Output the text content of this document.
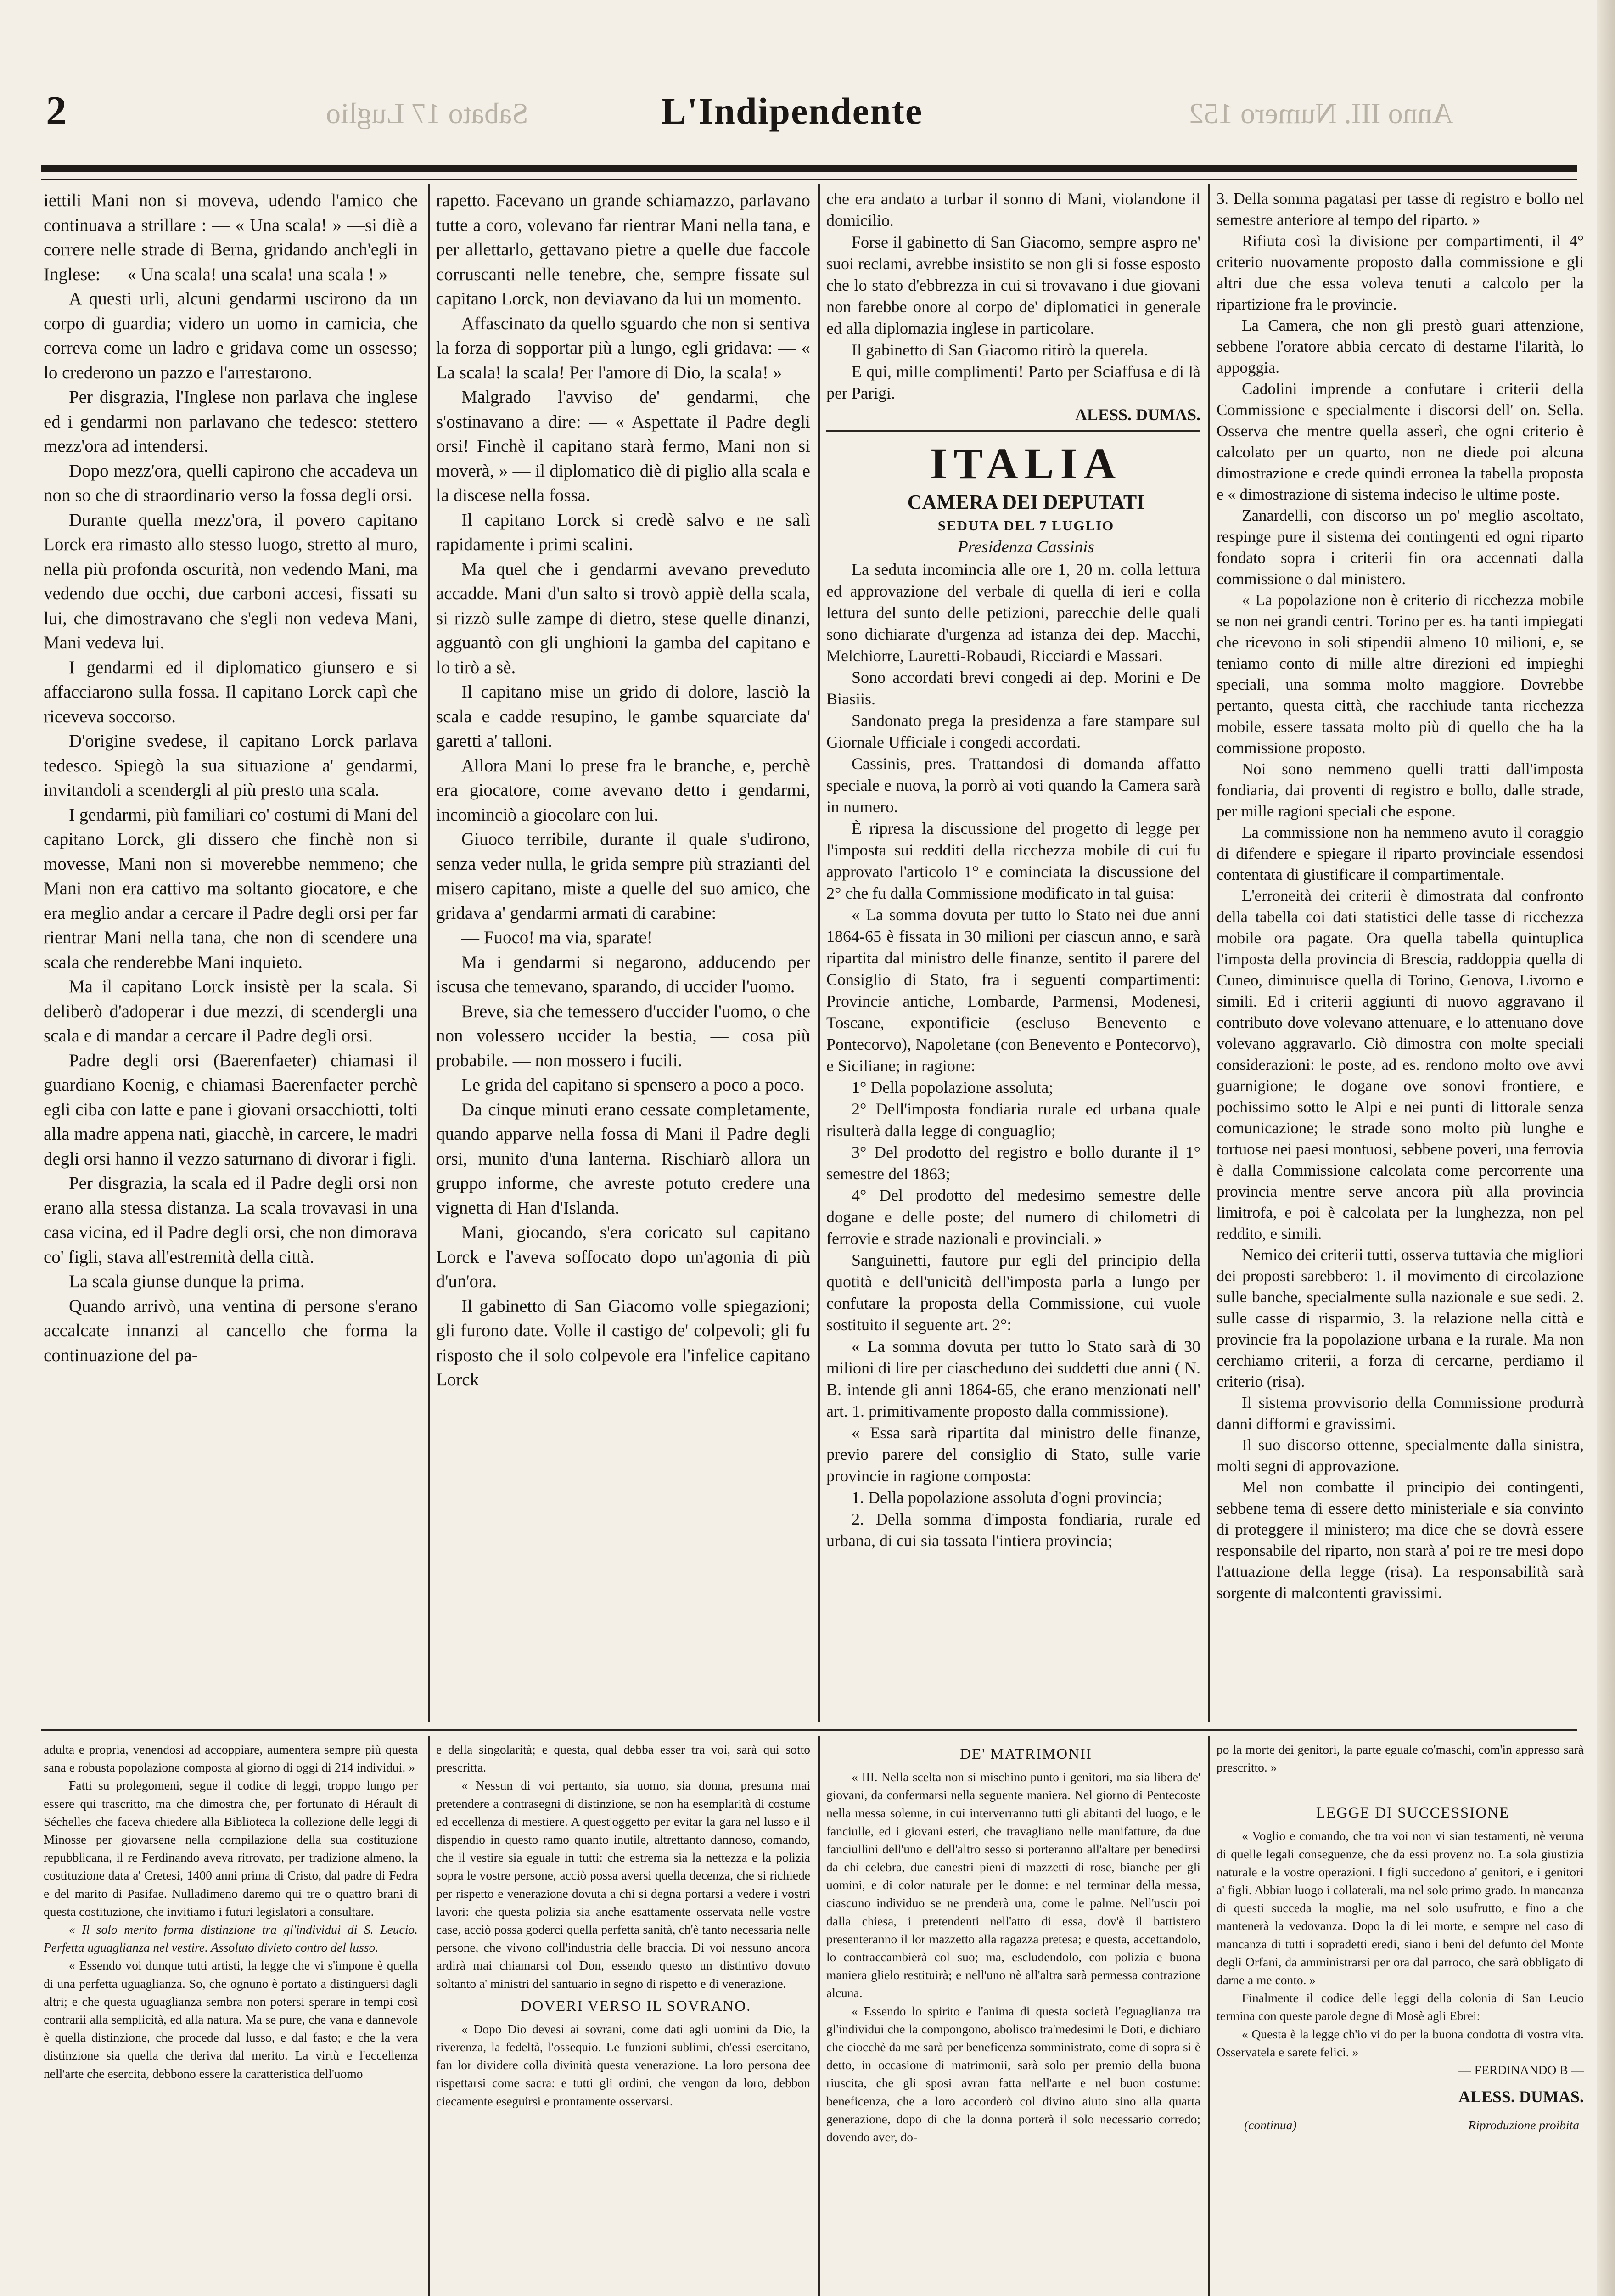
2	Sabato 17 Luglio	L'Indipendente	Anno III. Numero 152

iettili Mani non si moveva, udendo l'amico che continuava a strillare : — « Una scala! » —si diè a correre nelle strade di Berna, gridando anch'egli in Inglese: — « Una scala! una scala! una scala ! »

A questi urli, alcuni gendarmi uscirono da un corpo di guardia; videro un uomo in camicia, che correva come un ladro e gridava come un ossesso; lo crederono un pazzo e l'arrestarono.

Per disgrazia, l'Inglese non parlava che inglese ed i gendarmi non parlavano che tedesco: stettero mezz'ora ad intendersi.

Dopo mezz'ora, quelli capirono che accadeva un non so che di straordinario verso la fossa degli orsi.

Durante quella mezz'ora, il povero capitano Lorck era rimasto allo stesso luogo, stretto al muro, nella più profonda oscurità, non vedendo Mani, ma vedendo due occhi, due carboni accesi, fissati su lui, che dimostravano che s'egli non vedeva Mani, Mani vedeva lui.

I gendarmi ed il diplomatico giunsero e si affacciarono sulla fossa. Il capitano Lorck capì che riceveva soccorso.

D'origine svedese, il capitano Lorck parlava tedesco. Spiegò la sua situazione a' gendarmi, invitandoli a scendergli al più presto una scala.

I gendarmi, più familiari co' costumi di Mani del capitano Lorck, gli dissero che finchè non si movesse, Mani non si moverebbe nemmeno; che Mani non era cattivo ma soltanto giocatore, e che era meglio andar a cercare il Padre degli orsi per far rientrar Mani nella tana, che non di scendere una scala che renderebbe Mani inquieto.

Ma il capitano Lorck insistè per la scala. Si deliberò d'adoperar i due mezzi, di scendergli una scala e di mandar a cercare il Padre degli orsi.

Padre degli orsi (Baerenfaeter) chiamasi il guardiano Koenig, e chiamasi Baerenfaeter perchè egli ciba con latte e pane i giovani orsacchiotti, tolti alla madre appena nati, giacchè, in carcere, le madri degli orsi hanno il vezzo saturnano di divorar i figli.

Per disgrazia, la scala ed il Padre degli orsi non erano alla stessa distanza. La scala trovavasi in una casa vicina, ed il Padre degli orsi, che non dimorava co' figli, stava all'estremità della città.

La scala giunse dunque la prima.

Quando arrivò, una ventina di persone s'erano accalcate innanzi al cancello che forma la continuazione del pa-

rapetto. Facevano un grande schiamazzo, parlavano tutte a coro, volevano far rientrar Mani nella tana, e per allettarlo, gettavano pietre a quelle due faccole corruscanti nelle tenebre, che, sempre fissate sul capitano Lorck, non deviavano da lui un momento.

Affascinato da quello sguardo che non si sentiva la forza di sopportar più a lungo, egli gridava: — « La scala! la scala! Per l'amore di Dio, la scala! »

Malgrado l'avviso de' gendarmi, che s'ostinavano a dire: — « Aspettate il Padre degli orsi! Finchè il capitano starà fermo, Mani non si moverà, » — il diplomatico diè di piglio alla scala e la discese nella fossa.

Il capitano Lorck si credè salvo e ne salì rapidamente i primi scalini.

Ma quel che i gendarmi avevano preveduto accadde. Mani d'un salto si trovò appiè della scala, si rizzò sulle zampe di dietro, stese quelle dinanzi, agguantò con gli unghioni la gamba del capitano e lo tirò a sè.

Il capitano mise un grido di dolore, lasciò la scala e cadde resupino, le gambe squarciate da' garetti a' talloni.

Allora Mani lo prese fra le branche, e, perchè era giocatore, come avevano detto i gendarmi, incominciò a giocolare con lui.

Giuoco terribile, durante il quale s'udirono, senza veder nulla, le grida sempre più strazianti del misero capitano, miste a quelle del suo amico, che gridava a' gendarmi armati di carabine:

— Fuoco! ma via, sparate!

Ma i gendarmi si negarono, adducendo per iscusa che temevano, sparando, di uccider l'uomo.

Breve, sia che temessero d'uccider l'uomo, o che non volessero uccider la bestia, — cosa più probabile. — non mossero i fucili.

Le grida del capitano si spensero a poco a poco.

Da cinque minuti erano cessate completamente, quando apparve nella fossa di Mani il Padre degli orsi, munito d'una lanterna. Rischiarò allora un gruppo informe, che avreste potuto credere una vignetta di Han d'Islanda.

Mani, giocando, s'era coricato sul capitano Lorck e l'aveva soffocato dopo un'agonia di più d'un'ora.

Il gabinetto di San Giacomo volle spiegazioni; gli furono date. Volle il castigo de' colpevoli; gli fu risposto che il solo colpevole era l'infelice capitano Lorck

che era andato a turbar il sonno di Mani, violandone il domicilio.

Forse il gabinetto di San Giacomo, sempre aspro ne' suoi reclami, avrebbe insistito se non gli si fosse esposto che lo stato d'ebbrezza in cui si trovavano i due giovani non farebbe onore al corpo de' diplomatici in generale ed alla diplomazia inglese in particolare.

Il gabinetto di San Giacomo ritirò la querela.

E qui, mille complimenti! Parto per Sciaffusa e di là per Parigi.

ALESS. DUMAS.

ITALIA

CAMERA DEI DEPUTATI

SEDUTA DEL 7 LUGLIO

Presidenza Cassinis

La seduta incomincia alle ore 1, 20 m. colla lettura ed approvazione del verbale di quella di ieri e colla lettura del sunto delle petizioni, parecchie delle quali sono dichiarate d'urgenza ad istanza dei dep. Macchi, Melchiorre, Lauretti-Robaudi, Ricciardi e Massari.

Sono accordati brevi congedi ai dep. Morini e De Biasiis.

Sandonato prega la presidenza a fare stampare sul Giornale Ufficiale i congedi accordati.

Cassinis, pres. Trattandosi di domanda affatto speciale e nuova, la porrò ai voti quando la Camera sarà in numero.

È ripresa la discussione del progetto di legge per l'imposta sui redditi della ricchezza mobile di cui fu approvato l'articolo 1° e cominciata la discussione del 2° che fu dalla Commissione modificato in tal guisa:

« La somma dovuta per tutto lo Stato nei due anni 1864-65 è fissata in 30 milioni per ciascun anno, e sarà ripartita dal ministro delle finanze, sentito il parere del Consiglio di Stato, fra i seguenti compartimenti: Provincie antiche, Lombarde, Parmensi, Modenesi, Toscane, expontificie (escluso Benevento e Pontecorvo), Napoletane (con Benevento e Pontecorvo), e Siciliane; in ragione:

1° Della popolazione assoluta;

2° Dell'imposta fondiaria rurale ed urbana quale risulterà dalla legge di conguaglio;

3° Del prodotto del registro e bollo durante il 1° semestre del 1863;

4° Del prodotto del medesimo semestre delle dogane e delle poste; del numero di chilometri di ferrovie e strade nazionali e provinciali. »

Sanguinetti, fautore pur egli del principio della quotità e dell'unicità dell'imposta parla a lungo per confutare la proposta della Commissione, cui vuole sostituito il seguente art. 2°:

« La somma dovuta per tutto lo Stato sarà di 30 milioni di lire per ciascheduno dei suddetti due anni ( N. B. intende gli anni 1864-65, che erano menzionati nell' art. 1. primitivamente proposto dalla commissione).

« Essa sarà ripartita dal ministro delle finanze, previo parere del consiglio di Stato, sulle varie provincie in ragione composta:

1. Della popolazione assoluta d'ogni provincia;

2. Della somma d'imposta fondiaria, rurale ed urbana, di cui sia tassata l'intiera provincia;

3. Della somma pagatasi per tasse di registro e bollo nel semestre anteriore al tempo del riparto. »

Rifiuta così la divisione per compartimenti, il 4° criterio nuovamente proposto dalla commissione e gli altri due che essa voleva tenuti a calcolo per la ripartizione fra le provincie.

La Camera, che non gli prestò guari attenzione, sebbene l'oratore abbia cercato di destarne l'ilarità, lo appoggia.

Cadolini imprende a confutare i criterii della Commissione e specialmente i discorsi dell' on. Sella. Osserva che mentre quella asserì, che ogni criterio è calcolato per un quarto, non ne diede poi alcuna dimostrazione e crede quindi erronea la tabella proposta e « dimostrazione di sistema indeciso le ultime poste.

Zanardelli, con discorso un po' meglio ascoltato, respinge pure il sistema dei contingenti ed ogni riparto fondato sopra i criterii fin ora accennati dalla commissione o dal ministero.

« La popolazione non è criterio di ricchezza mobile se non nei grandi centri. Torino per es. ha tanti impiegati che ricevono in soli stipendii almeno 10 milioni, e, se teniamo conto di mille altre direzioni ed impieghi speciali, una somma molto maggiore. Dovrebbe pertanto, questa città, che racchiude tanta ricchezza mobile, essere tassata molto più di quello che ha la commissione proposto.

Noi sono nemmeno quelli tratti dall'imposta fondiaria, dai proventi di registro e bollo, dalle strade, per mille ragioni speciali che espone.

La commissione non ha nemmeno avuto il coraggio di difendere e spiegare il riparto provinciale essendosi contentata di giustificare il compartimentale.

L'erroneità dei criterii è dimostrata dal confronto della tabella coi dati statistici delle tasse di ricchezza mobile ora pagate. Ora quella tabella quintuplica l'imposta della provincia di Brescia, raddoppia quella di Cuneo, diminuisce quella di Torino, Genova, Livorno e simili. Ed i criterii aggiunti di nuovo aggravano il contributo dove volevano attenuare, e lo attenuano dove volevano aggravarlo. Ciò dimostra con molte speciali considerazioni: le poste, ad es. rendono molto ove avvi guarnigione; le dogane ove sonovi frontiere, e pochissimo sotto le Alpi e nei punti di littorale senza comunicazione; le strade sono molto più lunghe e tortuose nei paesi montuosi, sebbene poveri, una ferrovia è dalla Commissione calcolata come percorrente una provincia mentre serve ancora più alla provincia limitrofa, e poi è calcolata per la lunghezza, non pel reddito, e simili.

Nemico dei criterii tutti, osserva tuttavia che migliori dei proposti sarebbero: 1. il movimento di circolazione sulle banche, specialmente sulla nazionale e sue sedi. 2. sulle casse di risparmio, 3. la relazione nella città e provincie fra la popolazione urbana e la rurale. Ma non cerchiamo criterii, a forza di cercarne, perdiamo il criterio (risa).

Il sistema provvisorio della Commissione produrrà danni difformi e gravissimi.

Il suo discorso ottenne, specialmente dalla sinistra, molti segni di approvazione.

Mel non combatte il principio dei contingenti, sebbene tema di essere detto ministeriale e sia convinto di proteggere il ministero; ma dice che se dovrà essere responsabile del riparto, non starà a' poi re tre mesi dopo l'attuazione della legge (risa). La responsabilità sarà sorgente di malcontenti gravissimi.

adulta e propria, venendosi ad accoppiare, aumentera sempre più questa sana e robusta popolazione composta al giorno di oggi di 214 individui. »

Fatti su prolegomeni, segue il codice di leggi, troppo lungo per essere qui trascritto, ma che dimostra che, per fortunato di Hérault di Séchelles che faceva chiedere alla Biblioteca la collezione delle leggi di Minosse per giovarsene nella compilazione della sua costituzione repubblicana, il re Ferdinando aveva ritrovato, per tradizione almeno, la costituzione data a' Cretesi, 1400 anni prima di Cristo, dal padre di Fedra e del marito di Pasifae. Nulladimeno daremo qui tre o quattro brani di questa costituzione, che invitiamo i futuri legislatori a consultare.

« Il solo merito forma distinzione tra gl'individui di S. Leucio. Perfetta uguaglianza nel vestire. Assoluto divieto contro del lusso.

« Essendo voi dunque tutti artisti, la legge che vi s'impone è quella di una perfetta uguaglianza. So, che ognuno è portato a distinguersi dagli altri; e che questa uguaglianza sembra non potersi sperare in tempi così contrarii alla semplicità, ed alla natura. Ma se pure, che vana e dannevole è quella distinzione, che procede dal lusso, e dal fasto; e che la vera distinzione sia quella che deriva dal merito. La virtù e l'eccellenza nell'arte che esercita, debbono essere la caratteristica dell'uomo

e della singolarità; e questa, qual debba esser tra voi, sarà qui sotto prescritta.

« Nessun di voi pertanto, sia uomo, sia donna, presuma mai pretendere a contrasegni di distinzione, se non ha esemplarità di costume ed eccellenza di mestiere. A quest'oggetto per evitar la gara nel lusso e il dispendio in questo ramo quanto inutile, altrettanto dannoso, comando, che il vestire sia eguale in tutti: che estrema sia la nettezza e la polizia sopra le vostre persone, acciò possa aversi quella decenza, che si richiede per rispetto e venerazione dovuta a chi si degna portarsi a vedere i vostri lavori: che questa polizia sia anche esattamente osservata nelle vostre case, acciò possa goderci quella perfetta sanità, ch'è tanto necessaria nelle persone, che vivono coll'industria delle braccia. Di voi nessuno ancora ardirà mai chiamarsi col Don, essendo questo un distintivo dovuto soltanto a' ministri del santuario in segno di rispetto e di venerazione.

DOVERI VERSO IL SOVRANO.

« Dopo Dio devesi ai sovrani, come dati agli uomini da Dio, la riverenza, la fedeltà, l'ossequio. Le funzioni sublimi, ch'essi esercitano, fan lor dividere colla divinità questa venerazione. La loro persona dee rispettarsi come sacra: e tutti gli ordini, che vengon da loro, debbon ciecamente eseguirsi e prontamente osservarsi.

DE' MATRIMONII

« III. Nella scelta non si mischino punto i genitori, ma sia libera de' giovani, da confermarsi nella seguente maniera. Nel giorno di Pentecoste nella messa solenne, in cui interverranno tutti gli abitanti del luogo, e le fanciulle, ed i giovani esteri, che travagliano nelle manifatture, da due fanciullini dell'uno e dell'altro sesso si porteranno all'altare per benedirsi da chi celebra, due canestri pieni di mazzetti di rose, bianche per gli uomini, e di color naturale per le donne: e nel terminar della messa, ciascuno individuo se ne prenderà una, come le palme. Nell'uscir poi dalla chiesa, i pretendenti nell'atto di essa, dov'è il battistero presenteranno il lor mazzetto alla ragazza pretesa; e questa, accettandolo, lo contraccambierà col suo; ma, escludendolo, con polizia e buona maniera glielo restituirà; e nell'uno nè all'altra sarà permessa contrazione alcuna.

« Essendo lo spirito e l'anima di questa società l'eguaglianza tra gl'individui che la compongono, abolisco tra'medesimi le Doti, e dichiaro che ciocchè da me sarà per beneficenza somministrato, come di sopra si è detto, in occasione di matrimonii, sarà solo per premio della buona riuscita, che gli sposi avran fatta nell'arte e nel buon costume: beneficenza, che a loro accorderò col divino aiuto sino alla quarta generazione, dopo di che la donna porterà il solo necessario corredo; dovendo aver, do-

po la morte dei genitori, la parte eguale co'maschi, com'in appresso sarà prescritto. »

LEGGE DI SUCCESSIONE

« Voglio e comando, che tra voi non vi sian testamenti, nè veruna di quelle legali conseguenze, che da essi provenz no. La sola giustizia naturale e la vostre operazioni. I figli succedono a' genitori, e i genitori a' figli. Abbian luogo i collaterali, ma nel solo primo grado. In mancanza di questi succeda la moglie, ma nel solo usufrutto, e fino a che mantenerà la vedovanza. Dopo la di lei morte, e sempre nel caso di mancanza di tutti i sopradetti eredi, siano i beni del defunto del Monte degli Orfani, da amministrarsi per ora dal parroco, che sarà obbligato di darne a me conto. »

Finalmente il codice delle leggi della colonia di San Leucio termina con queste parole degne di Mosè agli Ebrei:

« Questa è la legge ch'io vi do per la buona condotta di vostra vita. Osservatela e sarete felici. »

— FERDINANDO B —

ALESS. DUMAS.

(continua)	Riproduzione proibita
